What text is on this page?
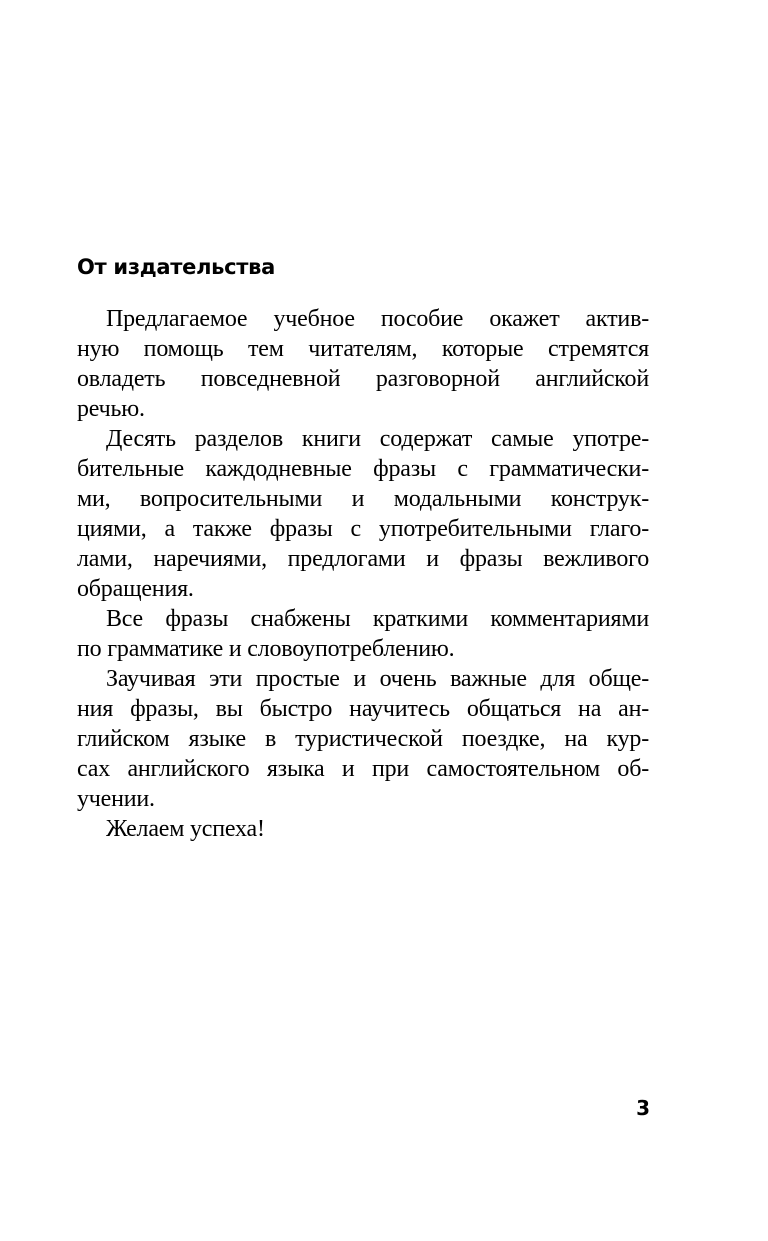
От издательства

Предлагаемое учебное пособие окажет актив-
ную помощь тем читателям, которые стремятся
овладеть повседневной разговорной английской
речью.

Десять разделов книги содержат самые употре-
бительные каждодневные фразы с грамматически-
ми, вопросительными и модальными конструк-
циями, а также фразы с употребительными глаго-
лами, наречиями, предлогами и фразы вежливого
обращения.

Все фразы снабжены краткими комментариями
по грамматике и словоупотреблению.

Заучивая эти простые и очень важные для обще-
ния фразы, вы быстро научитесь общаться на ан-
глийском языке в туристической поездке, на кур-
сах английского языка и при самостоятельном об-
учении.

Желаем успеха!

3
